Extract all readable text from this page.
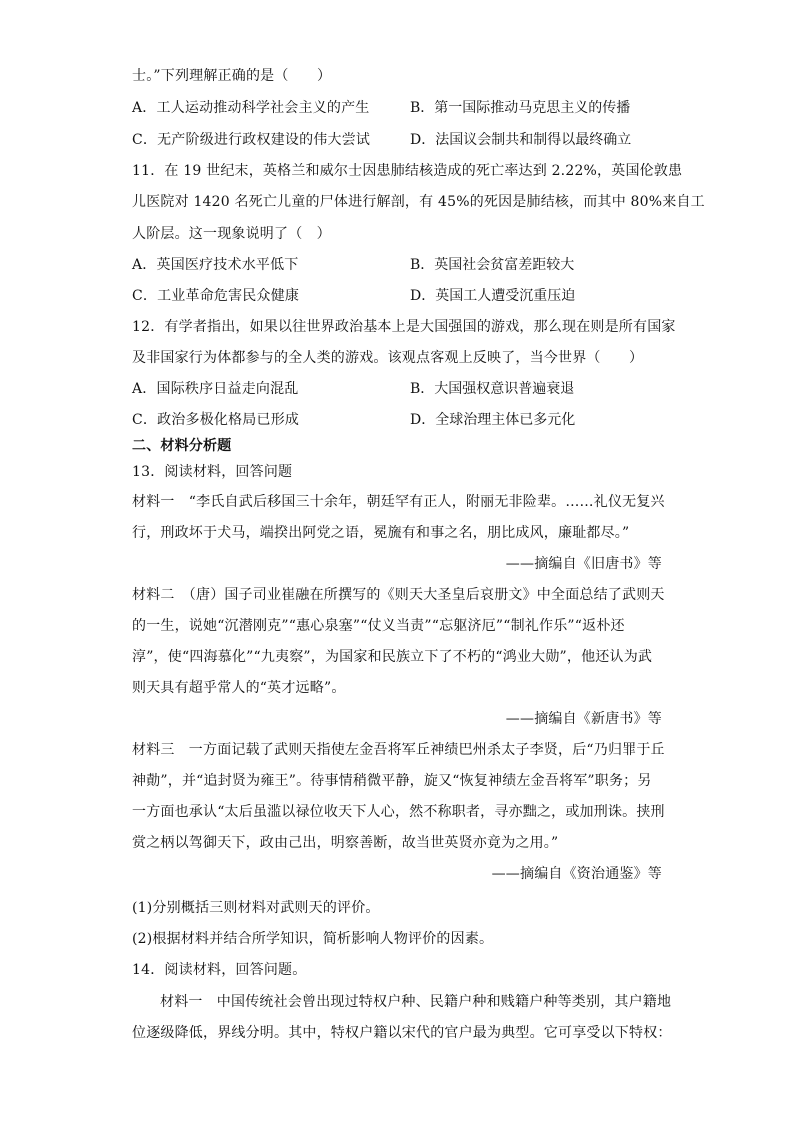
士。”下列理解正确的是（　　）
A．工人运动推动科学社会主义的产生	B．第一国际推动马克思主义的传播
C．无产阶级进行政权建设的伟大尝试	D．法国议会制共和制得以最终确立
11．在 19 世纪末，英格兰和威尔士因患肺结核造成的死亡率达到 2.22%，英国伦敦患
儿医院对 1420 名死亡儿童的尸体进行解剖，有 45%的死因是肺结核，而其中 80%来自工
人阶层。这一现象说明了（　）
A．英国医疗技术水平低下	B．英国社会贫富差距较大
C．工业革命危害民众健康	D．英国工人遭受沉重压迫
12．有学者指出，如果以往世界政治基本上是大国强国的游戏，那么现在则是所有国家
及非国家行为体都参与的全人类的游戏。该观点客观上反映了，当今世界（　　）
A．国际秩序日益走向混乱	B．大国强权意识普遍衰退
C．政治多极化格局已形成	D．全球治理主体已多元化
二、材料分析题
13．阅读材料，回答问题
材料一　“李氏自武后移国三十余年，朝廷罕有正人，附丽无非险辈。……礼仪无复兴
行，刑政坏于犬马，端揆出阿党之语，冕旒有和事之名，朋比成风，廉耻都尽。”
——摘编自《旧唐书》等
材料二　（唐）国子司业崔融在所撰写的《则天大圣皇后哀册文》中全面总结了武则天
的一生，说她“沉潜刚克”“惠心泉塞”“仗义当责”“忘躯济厄”“制礼作乐”“返朴还
淳”，使“四海慕化”“九夷察”，为国家和民族立下了不朽的“鸿业大勋”，他还认为武
则天具有超乎常人的“英才远略”。
——摘编自《新唐书》等
材料三　一方面记载了武则天指使左金吾将军丘神绩巴州杀太子李贤，后“乃归罪于丘
神勣”，并“追封贤为雍王”。待事情稍微平静，旋又“恢复神绩左金吾将军”职务；另
一方面也承认“太后虽滥以禄位收天下人心，然不称职者，寻亦黜之，或加刑诛。挟刑
赏之柄以驾御天下，政由己出，明察善断，故当世英贤亦竟为之用。”
——摘编自《资治通鉴》等
(1)分别概括三则材料对武则天的评价。
(2)根据材料并结合所学知识，简析影响人物评价的因素。
14．阅读材料，回答问题。
材料一　中国传统社会曾出现过特权户种、民籍户种和贱籍户种等类别，其户籍地
位逐级降低，界线分明。其中，特权户籍以宋代的官户最为典型。它可享受以下特权：
